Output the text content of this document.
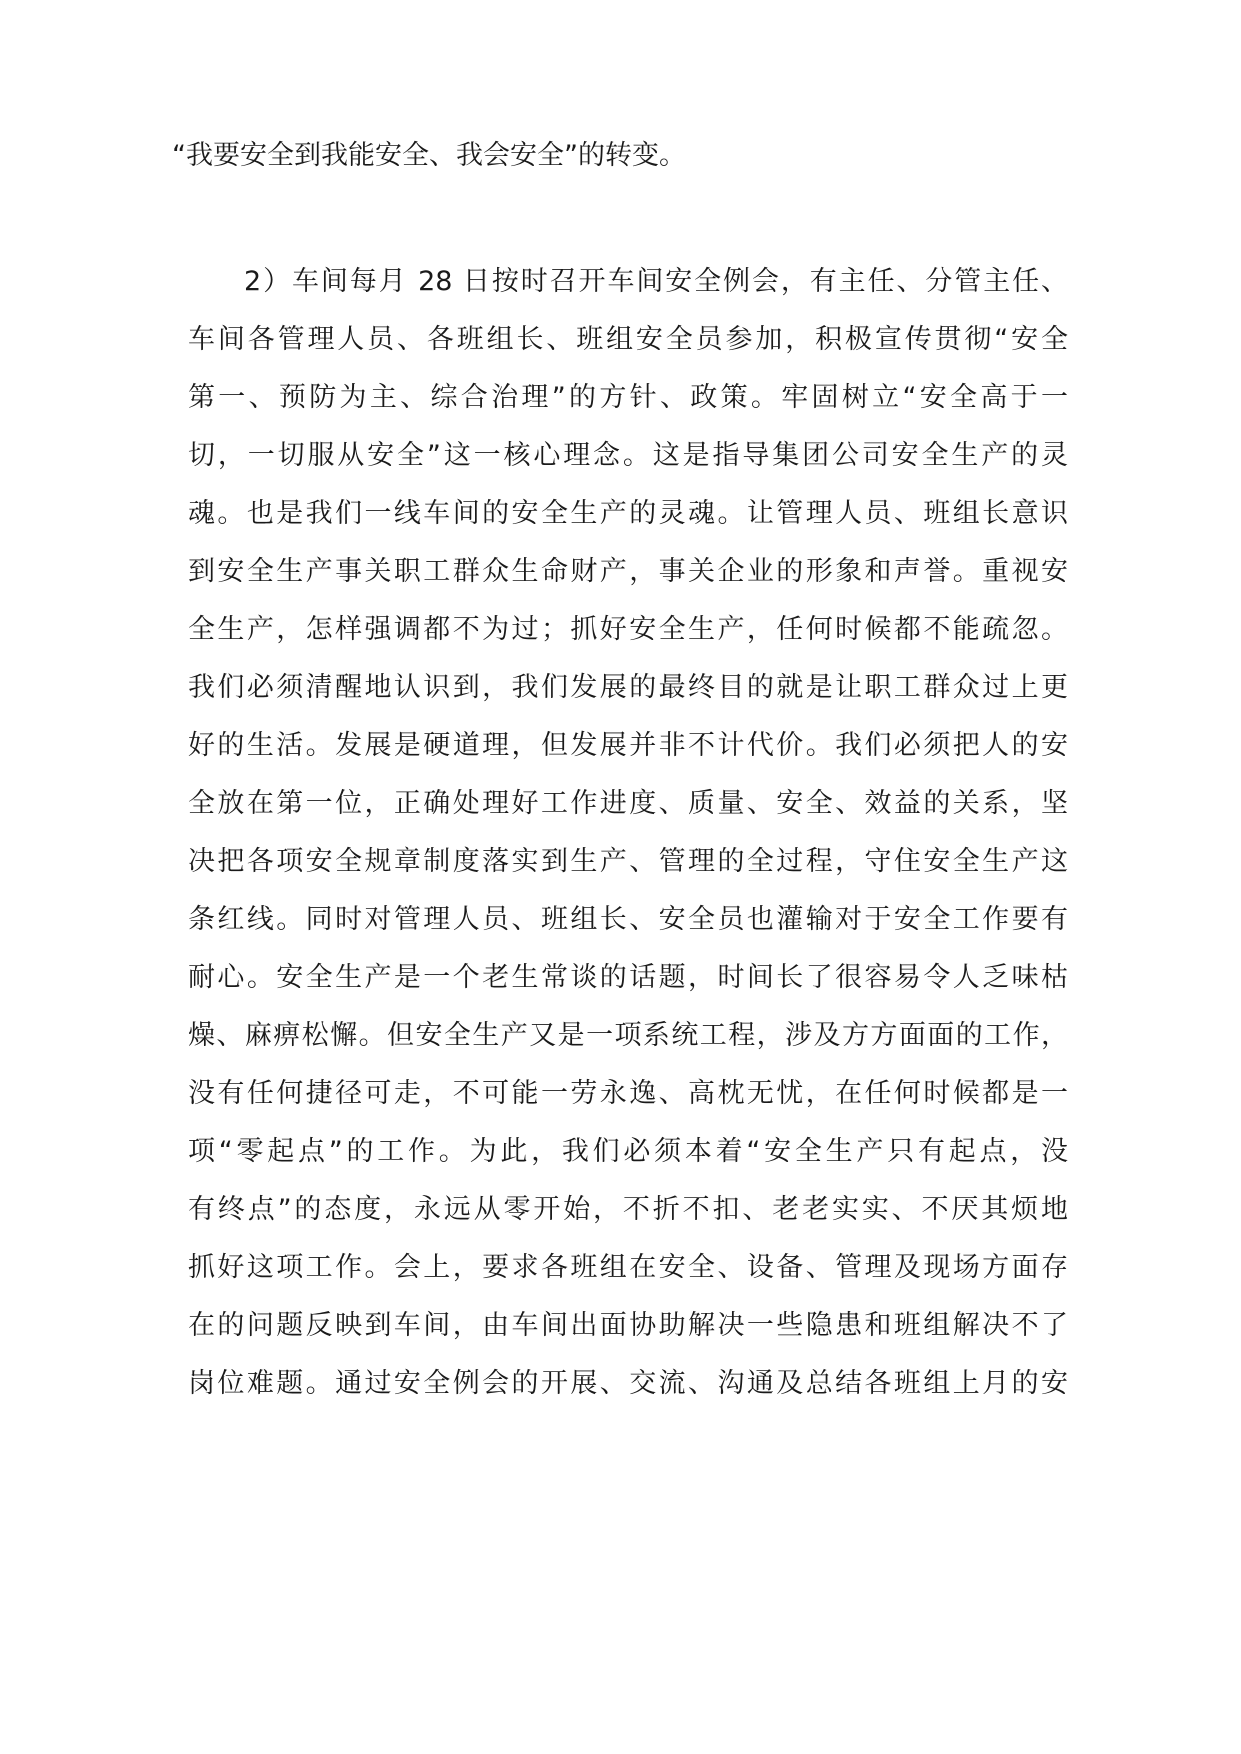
“我要安全到我能安全、我会安全”的转变。
2）车间每月 28 日按时召开车间安全例会，有主任、分管主任、
车间各管理人员、各班组长、班组安全员参加，积极宣传贯彻“安全
第一、预防为主、综合治理”的方针、政策。牢固树立“安全高于一
切，一切服从安全”这一核心理念。这是指导集团公司安全生产的灵
魂。也是我们一线车间的安全生产的灵魂。让管理人员、班组长意识
到安全生产事关职工群众生命财产，事关企业的形象和声誉。重视安
全生产，怎样强调都不为过；抓好安全生产，任何时候都不能疏忽。
我们必须清醒地认识到，我们发展的最终目的就是让职工群众过上更
好的生活。发展是硬道理，但发展并非不计代价。我们必须把人的安
全放在第一位，正确处理好工作进度、质量、安全、效益的关系，坚
决把各项安全规章制度落实到生产、管理的全过程，守住安全生产这
条红线。同时对管理人员、班组长、安全员也灌输对于安全工作要有
耐心。安全生产是一个老生常谈的话题，时间长了很容易令人乏味枯
燥、麻痹松懈。但安全生产又是一项系统工程，涉及方方面面的工作，
没有任何捷径可走，不可能一劳永逸、高枕无忧，在任何时候都是一
项“零起点”的工作。为此，我们必须本着“安全生产只有起点，没
有终点”的态度，永远从零开始，不折不扣、老老实实、不厌其烦地
抓好这项工作。会上，要求各班组在安全、设备、管理及现场方面存
在的问题反映到车间，由车间出面协助解决一些隐患和班组解决不了
岗位难题。通过安全例会的开展、交流、沟通及总结各班组上月的安
